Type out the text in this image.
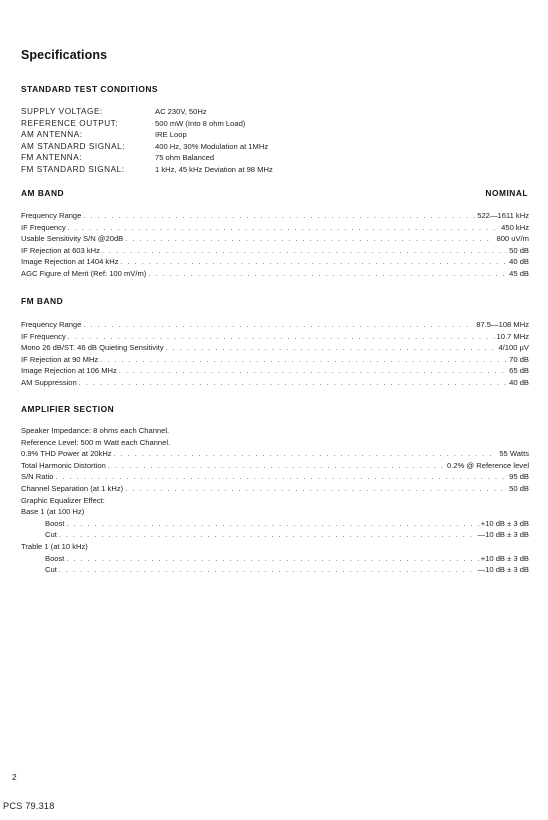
Specifications
STANDARD TEST CONDITIONS
SUPPLY VOLTAGE:	AC 230V, 50Hz
REFERENCE OUTPUT:	500 mW (Into 8 ohm Load)
AM ANTENNA:	IRE Loop
AM STANDARD SIGNAL:	400 Hz, 30% Modulation at 1MHz
FM ANTENNA:	75 ohm Balanced
FM STANDARD SIGNAL:	1 kHz, 45 kHz Deviation at 98 MHz
AM BAND	NOMINAL
Frequency Range . . .	522—1611 kHz
IF Frequency . . .	450 kHz
Usable Sensitivity S/N @20dB . . .	800 uV/m
IF Rejection at 603 kHz . . .	50 dB
Image Rejection at 1404 kHz . . .	40 dB
AGC Figure of Merit (Ref: 100 mV/m) . . .	45 dB
FM BAND
Frequency Range . . .	87.5—108 MHz
IF Frequency . . .	10.7 MHz
Mono 26 dB/ST. 46 dB Quieting Sensitivity . . .	4/100 µV
IF Rejection at 90 MHz . . .	70 dB
Image Rejection at 106 MHz . . .	65 dB
AM Suppression . . .	40 dB
AMPLIFIER SECTION
Speaker Impedance: 8 ohms each Channel.
Reference Level: 500 m Watt each Channel.
0.9% THD Power at 20kHz . . .	55 Watts
Total Harmonic Distortion . . .	0.2% @ Reference level
S/N Ratio . . .	95 dB
Channel Separation (at 1 kHz) . . .	50 dB
Graphic Equalizer Effect:
Base 1 (at 100 Hz)
Boost . . .	+10 dB ± 3 dB
Cut . . .	—10 dB ± 3 dB
Trable 1 (at 10 kHz)
Boost . . .	+10 dB ± 3 dB
Cut . . .	—10 dB ± 3 dB
2
PCS 79.318
